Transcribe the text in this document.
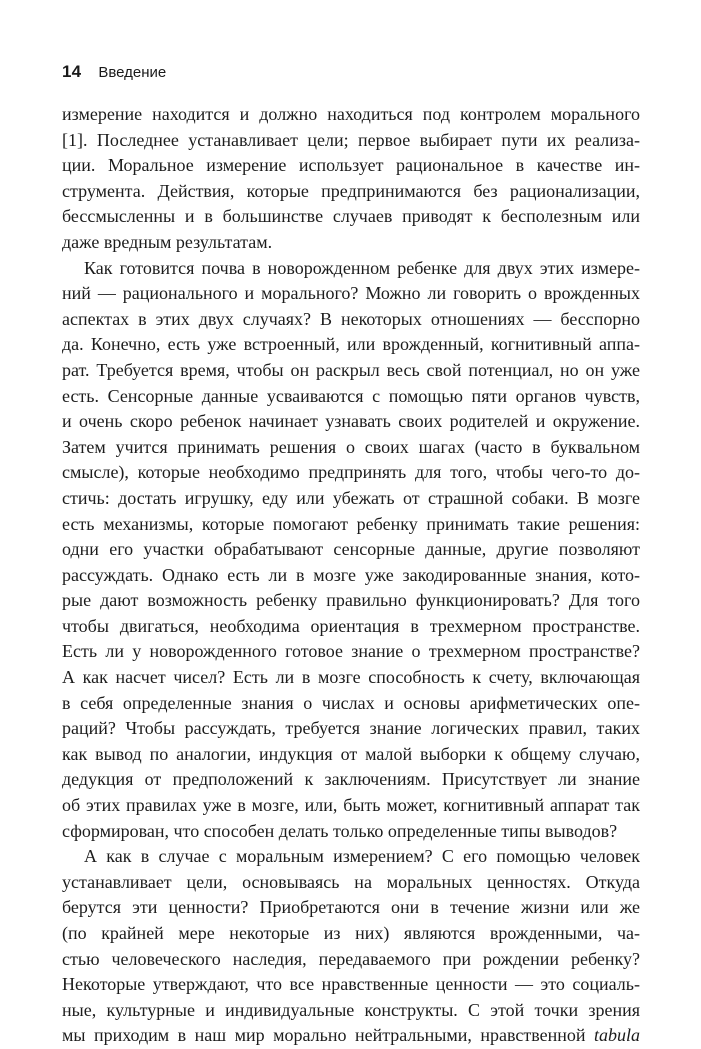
14 Введение
измерение находится и должно находиться под контролем морального
[1]. Последнее устанавливает цели; первое выбирает пути их реализа-
ции. Моральное измерение использует рациональное в качестве ин-
струмента. Действия, которые предпринимаются без рационализации,
бессмысленны и в большинстве случаев приводят к бесполезным или
даже вредным результатам.
Как готовится почва в новорожденном ребенке для двух этих измере-
ний — рационального и морального? Можно ли говорить о врожденных
аспектах в этих двух случаях? В некоторых отношениях — бесспорно
да. Конечно, есть уже встроенный, или врожденный, когнитивный аппа-
рат. Требуется время, чтобы он раскрыл весь свой потенциал, но он уже
есть. Сенсорные данные усваиваются с помощью пяти органов чувств,
и очень скоро ребенок начинает узнавать своих родителей и окружение.
Затем учится принимать решения о своих шагах (часто в буквальном
смысле), которые необходимо предпринять для того, чтобы чего-то до-
стичь: достать игрушку, еду или убежать от страшной собаки. В мозге
есть механизмы, которые помогают ребенку принимать такие решения:
одни его участки обрабатывают сенсорные данные, другие позволяют
рассуждать. Однако есть ли в мозге уже закодированные знания, кото-
рые дают возможность ребенку правильно функционировать? Для того
чтобы двигаться, необходима ориентация в трехмерном пространстве.
Есть ли у новорожденного готовое знание о трехмерном пространстве?
А как насчет чисел? Есть ли в мозге способность к счету, включающая
в себя определенные знания о числах и основы арифметических опе-
раций? Чтобы рассуждать, требуется знание логических правил, таких
как вывод по аналогии, индукция от малой выборки к общему случаю,
дедукция от предположений к заключениям. Присутствует ли знание
об этих правилах уже в мозге, или, быть может, когнитивный аппарат так
сформирован, что способен делать только определенные типы выводов?
А как в случае с моральным измерением? С его помощью человек
устанавливает цели, основываясь на моральных ценностях. Откуда
берутся эти ценности? Приобретаются они в течение жизни или же
(по крайней мере некоторые из них) являются врожденными, ча-
стью человеческого наследия, передаваемого при рождении ребенку?
Некоторые утверждают, что все нравственные ценности — это социаль-
ные, культурные и индивидуальные конструкты. С этой точки зрения
мы приходим в наш мир морально нейтральными, нравственной tabula
